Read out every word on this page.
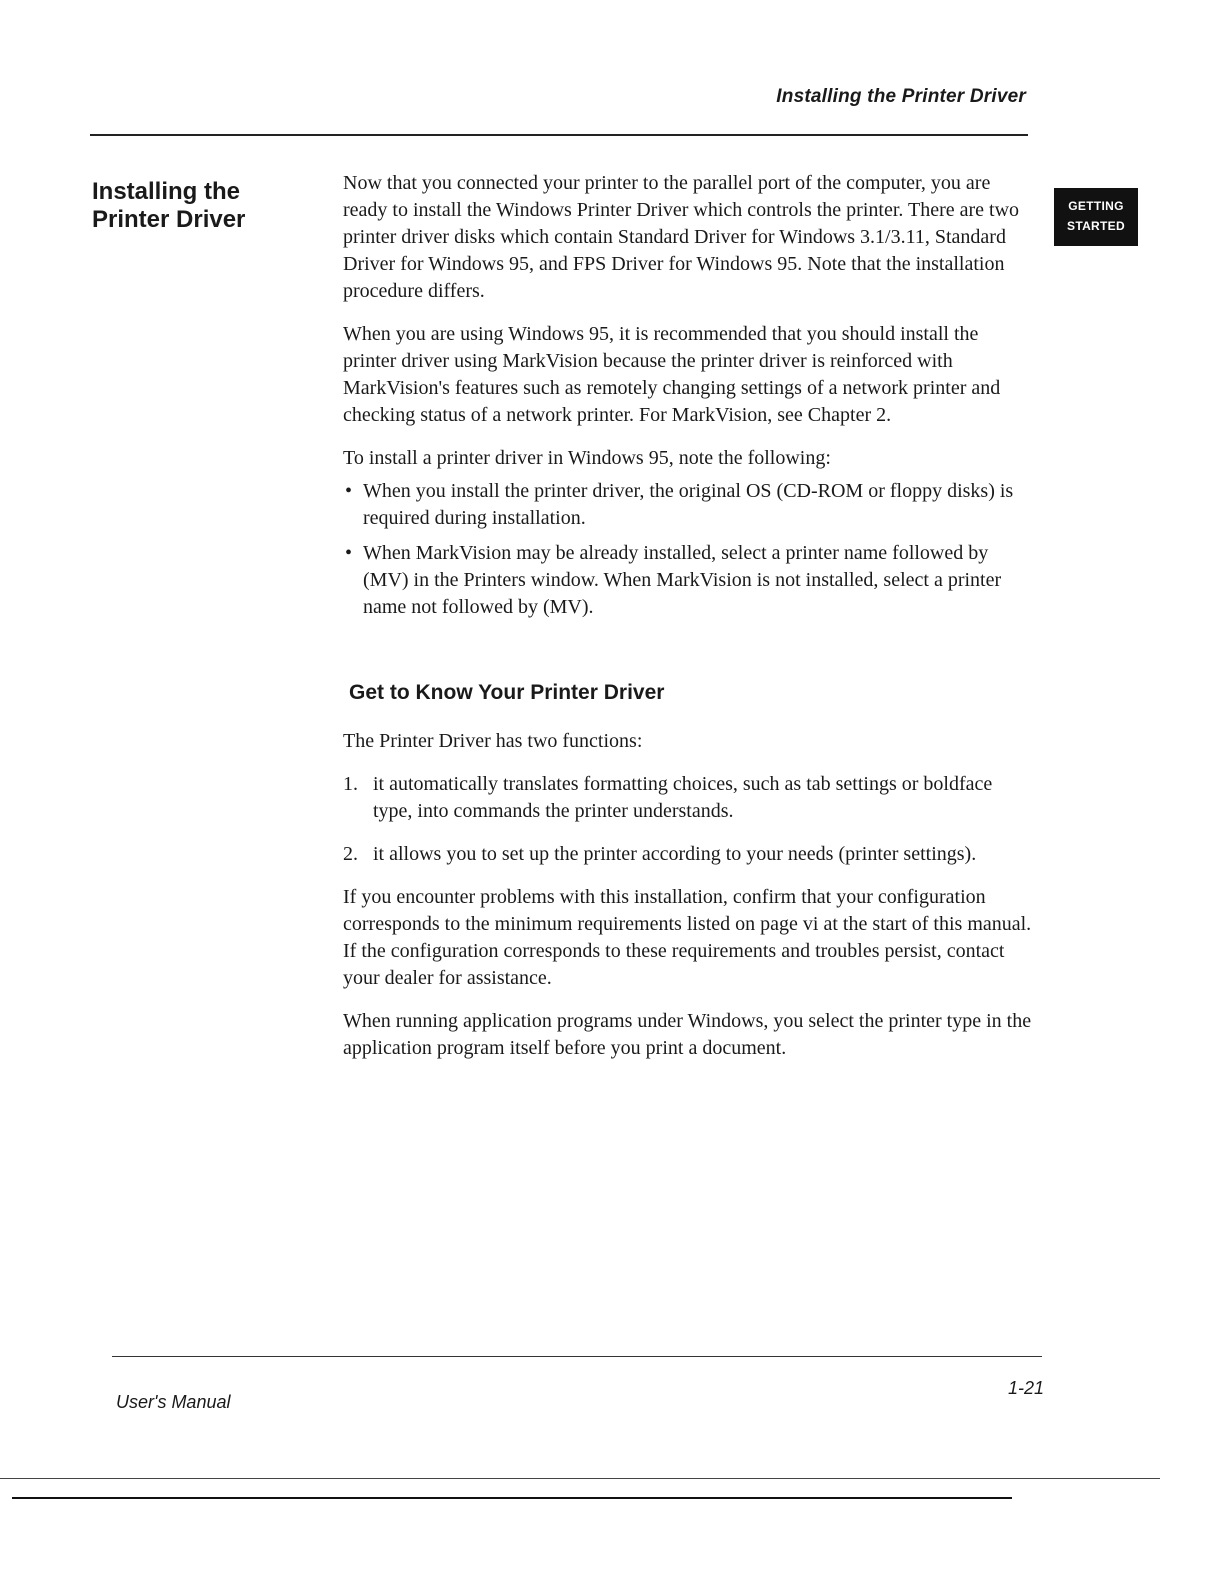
Installing the Printer Driver
Installing the Printer Driver	GETTING
STARTED

Now that you connected your printer to the parallel port of the computer, you are ready to install the Windows Printer Driver which controls the printer. There are two printer driver disks which contain Standard Driver for Windows 3.1/3.11, Standard Driver for Windows 95, and FPS Driver for Windows 95. Note that the installation procedure differs.

When you are using Windows 95, it is recommended that you should install the printer driver using MarkVision because the printer driver is reinforced with MarkVision's features such as remotely changing settings of a network printer and checking status of a network printer. For MarkVision, see Chapter 2.

To install a printer driver in Windows 95, note the following:

• When you install the printer driver, the original OS (CD-ROM or floppy disks) is required during installation.
• When MarkVision may be already installed, select a printer name followed by (MV) in the Printers window. When MarkVision is not installed, select a printer name not followed by (MV).
Get to Know Your Printer Driver

The Printer Driver has two functions:

1. it automatically translates formatting choices, such as tab settings or boldface type, into commands the printer understands.
2. it allows you to set up the printer according to your needs (printer settings).

If you encounter problems with this installation, confirm that your configuration corresponds to the minimum requirements listed on page vi at the start of this manual. If the configuration corresponds to these requirements and troubles persist, contact your dealer for assistance.

When running application programs under Windows, you select the printer type in the application program itself before you print a document.

User's Manual
1-21
